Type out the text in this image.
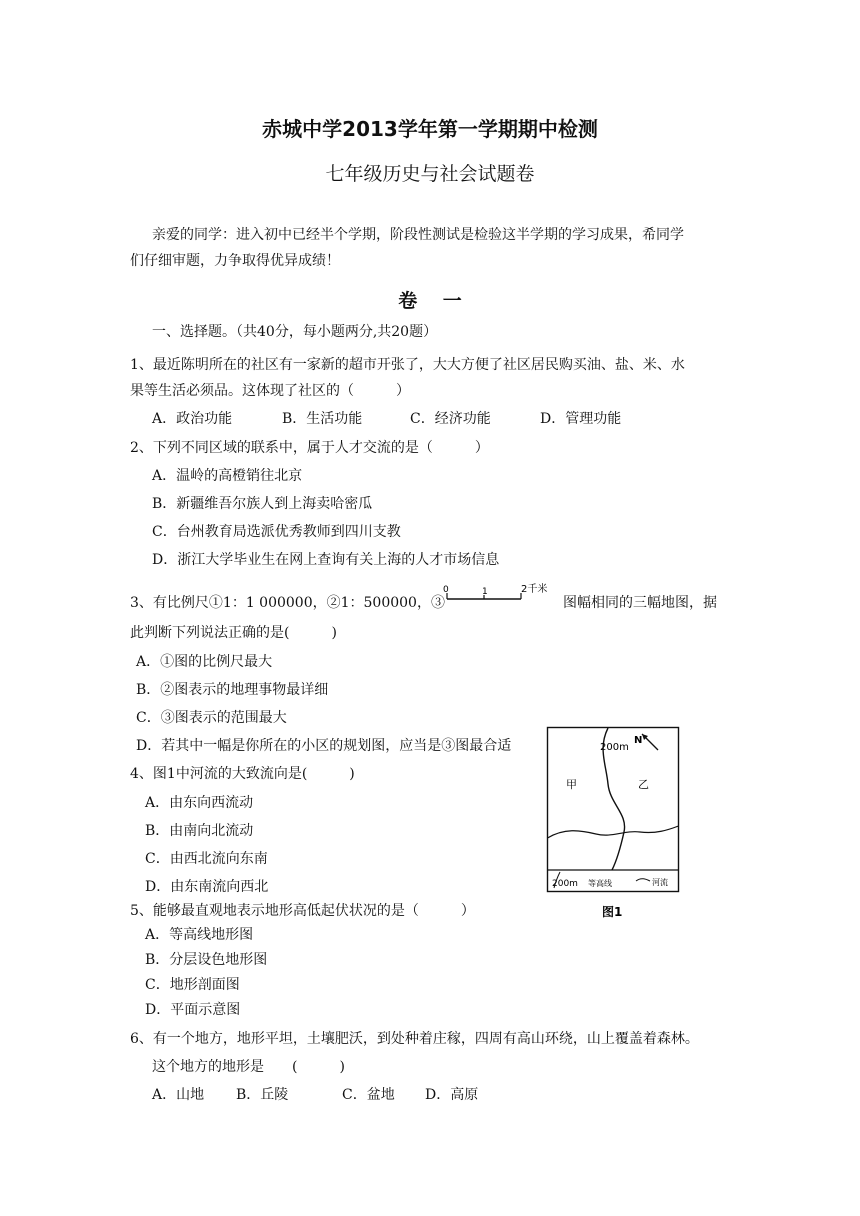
赤城中学2013学年第一学期期中检测
七年级历史与社会试题卷
亲爱的同学：进入初中已经半个学期，阶段性测试是检验这半学期的学习成果，希同学
们仔细审题，力争取得优异成绩！
卷　 一
一、选择题。（共40分，每小题两分,共20题）
1、最近陈明所在的社区有一家新的超市开张了，大大方便了社区居民购买油、盐、米、水
果等生活必须品。这体现了社区的（　　　）
A．政治功能	B．生活功能	C．经济功能	D．管理功能
2、下列不同区域的联系中，属于人才交流的是（　　　）
A．温岭的高橙销往北京
B．新疆维吾尔族人到上海卖哈密瓜
C．台州教育局选派优秀教师到四川支教
D．浙江大学毕业生在网上查询有关上海的人才市场信息
3、有比例尺①1：1 000000，②1：500000，③
0	1	2千米
图幅相同的三幅地图，据
此判断下列说法正确的是(　　　)
A．①图的比例尺最大
B．②图表示的地理事物最详细
C．③图表示的范围最大
D．若其中一幅是你所在的小区的规划图，应当是③图最合适
4、图1中河流的大致流向是(　　　)
A．由东向西流动
B．由南向北流动
C．由西北流向东南
D．由东南流向西北
200m
N
甲	乙
200m 等高线	河流
图1
5、能够最直观地表示地形高低起伏状况的是（　　　）
A．等高线地形图
B．分层设色地形图
C．地形剖面图
D．平面示意图
6、有一个地方，地形平坦，土壤肥沃，到处种着庄稼，四周有高山环绕，山上覆盖着森林。
这个地方的地形是　　(　　　)
A．山地 B．丘陵	C．盆地 D．高原
